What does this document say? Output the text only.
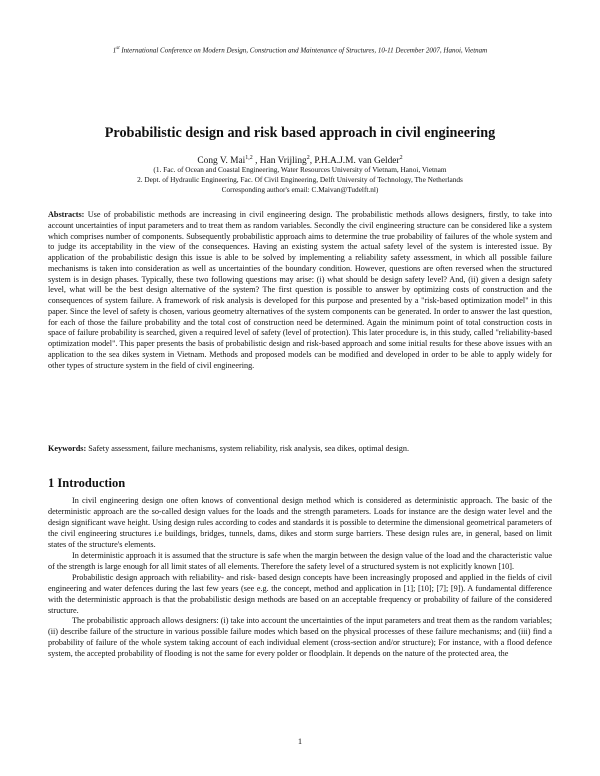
1st International Conference on Modern Design, Construction and Maintenance of Structures, 10-11 December 2007, Hanoi, Vietnam
Probabilistic design and risk based approach in civil engineering
Cong V. Mai$^{1,2}$ , Han Vrijling$^2$, P.H.A.J.M. van Gelder$^2$
(1. Fac. of Ocean and Coastal Engineering, Water Resources University of Vietnam, Hanoi, Vietnam
2. Dept. of Hydraulic Engineering, Fac. Of Civil Engineering, Delft University of Technology, The Netherlands
Corresponding author's email: C.Maivan@Tudelft.nl)
Abstracts: Use of probabilistic methods are increasing in civil engineering design. The probabilistic methods allows designers, firstly, to take into account uncertainties of input parameters and to treat them as random variables. Secondly the civil engineering structure can be considered like a system which comprises number of components. Subsequently probabilistic approach aims to determine the true probability of failures of the whole system and to judge its acceptability in the view of the consequences. Having an existing system the actual safety level of the system is interested issue. By application of the probabilistic design this issue is able to be solved by implementing a reliability safety assessment, in which all possible failure mechanisms is taken into consideration as well as uncertainties of the boundary condition. However, questions are often reversed when the structured system is in design phases. Typically, these two following questions may arise: (i) what should be design safety level? And, (ii) given a design safety level, what will be the best design alternative of the system? The first question is possible to answer by optimizing costs of construction and the consequences of system failure. A framework of risk analysis is developed for this purpose and presented by a "risk-based optimization model" in this paper. Since the level of safety is chosen, various geometry alternatives of the system components can be generated. In order to answer the last question, for each of those the failure probability and the total cost of construction need be determined. Again the minimum point of total construction costs in space of failure probability is searched, given a required level of safety (level of protection). This later procedure is, in this study, called "reliability-based optimization model". This paper presents the basis of probabilistic design and risk-based approach and some initial results for these above issues with an application to the sea dikes system in Vietnam. Methods and proposed models can be modified and developed in order to be able to apply widely for other types of structure system in the field of civil engineering.
Keywords: Safety assessment, failure mechanisms, system reliability, risk analysis, sea dikes, optimal design.
1 Introduction

In civil engineering design one often knows of conventional design method which is considered as deterministic approach. The basic of the deterministic approach are the so-called design values for the loads and the strength parameters. Loads for instance are the design water level and the design significant wave height. Using design rules according to codes and standards it is possible to determine the dimensional geometrical parameters of the civil engineering structures i.e buildings, bridges, tunnels, dams, dikes and storm surge barriers. These design rules are, in general, based on limit states of the structure's elements.

In deterministic approach it is assumed that the structure is safe when the margin between the design value of the load and the characteristic value of the strength is large enough for all limit states of all elements. Therefore the safety level of a structured system is not explicitly known [10].

Probabilistic design approach with reliability- and risk- based design concepts have been increasingly proposed and applied in the fields of civil engineering and water defences during the last few years (see e.g. the concept, method and application in [1]; [10]; [7]; [9]). A fundamental difference with the deterministic approach is that the probabilistic design methods are based on an acceptable frequency or probability of failure of the considered structure.

The probabilistic approach allows designers: (i) take into account the uncertainties of the input parameters and treat them as the random variables; (ii) describe failure of the structure in various possible failure modes which based on the physical processes of these failure mechanisms; and (iii) find a probability of failure of the whole system taking account of each individual element (cross-section and/or structure); For instance, with a flood defence system, the accepted probability of flooding is not the same for every polder or floodplain. It depends on the nature of the protected area, the

1
